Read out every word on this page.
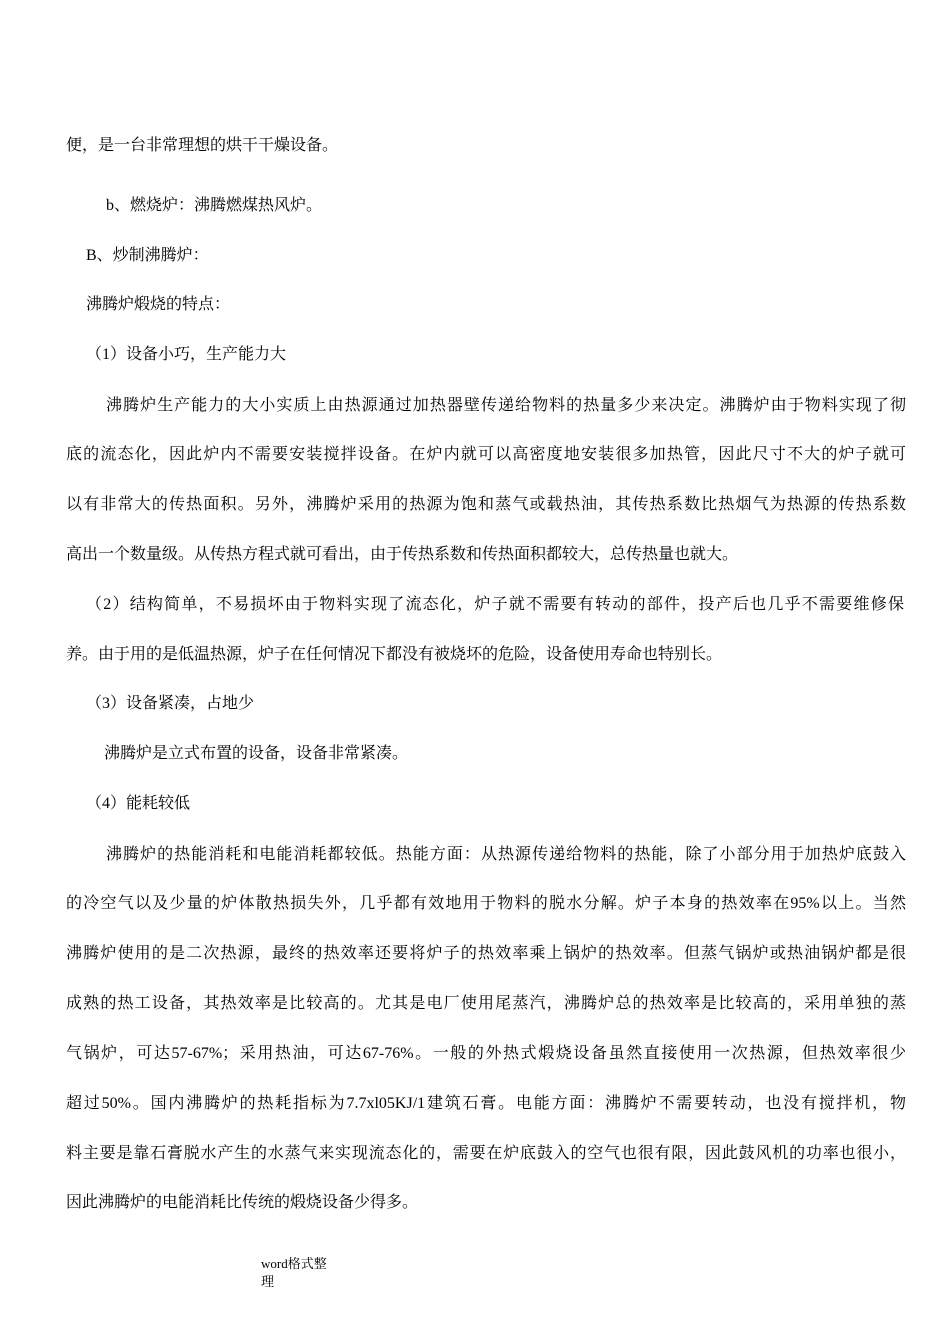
便，是一台非常理想的烘干干燥设备。
b、燃烧炉：沸腾燃煤热风炉。
B、炒制沸腾炉：
沸腾炉煅烧的特点：
（1）设备小巧，生产能力大
沸腾炉生产能力的大小实质上由热源通过加热器壁传递给物料的热量多少来决定。沸腾炉由于物料实现了彻
底的流态化，因此炉内不需要安装搅拌设备。在炉内就可以高密度地安装很多加热管，因此尺寸不大的炉子就可
以有非常大的传热面积。另外，沸腾炉采用的热源为饱和蒸气或载热油，其传热系数比热烟气为热源的传热系数
高出一个数量级。从传热方程式就可看出，由于传热系数和传热面积都较大，总传热量也就大。
（2）结构简单，不易损坏由于物料实现了流态化，炉子就不需要有转动的部件，投产后也几乎不需要维修保
养。由于用的是低温热源，炉子在任何情况下都没有被烧坏的危险，设备使用寿命也特别长。
（3）设备紧凑，占地少
沸腾炉是立式布置的设备，设备非常紧凑。
（4）能耗较低
沸腾炉的热能消耗和电能消耗都较低。热能方面：从热源传递给物料的热能，除了小部分用于加热炉底鼓入
的冷空气以及少量的炉体散热损失外，几乎都有效地用于物料的脱水分解。炉子本身的热效率在95%以上。当然
沸腾炉使用的是二次热源，最终的热效率还要将炉子的热效率乘上锅炉的热效率。但蒸气锅炉或热油锅炉都是很
成熟的热工设备，其热效率是比较高的。尤其是电厂使用尾蒸汽，沸腾炉总的热效率是比较高的，采用单独的蒸
气锅炉，可达57-67%；采用热油，可达67-76%。一般的外热式煅烧设备虽然直接使用一次热源，但热效率很少
超过50%。国内沸腾炉的热耗指标为7.7xl05KJ/1建筑石膏。电能方面：沸腾炉不需要转动，也没有搅拌机，物
料主要是靠石膏脱水产生的水蒸气来实现流态化的，需要在炉底鼓入的空气也很有限，因此鼓风机的功率也很小，
因此沸腾炉的电能消耗比传统的煅烧设备少得多。
word格式整
理
